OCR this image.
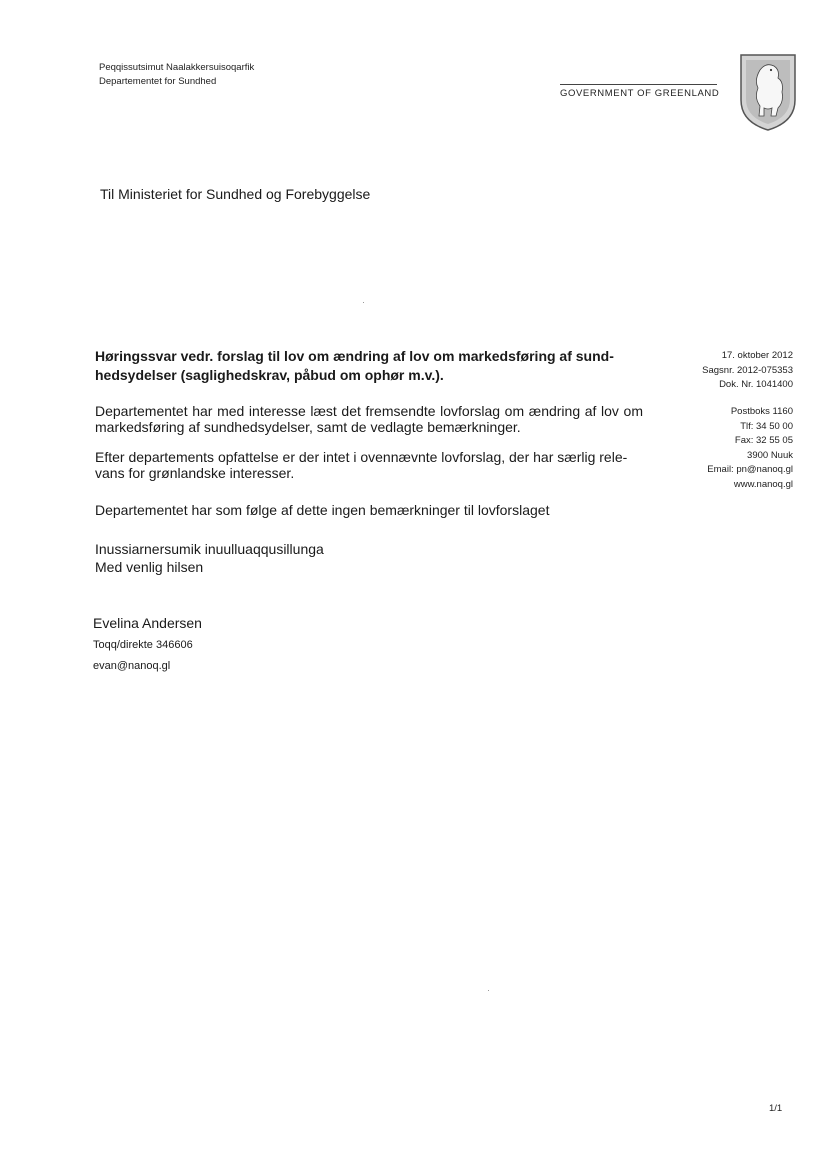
Peqqissutsimut Naalakkersuisoqarfik
Departementet for Sundhed
GOVERNMENT OF GREENLAND
Til Ministeriet for Sundhed og Forebyggelse
Høringssvar vedr. forslag til lov om ændring af lov om markedsføring af sund-
hedsydelser (saglighedskrav, påbud om ophør m.v.).
Departementet har med interesse læst det fremsendte lovforslag om ændring af lov om markedsføring af sundhedsydelser, samt de vedlagte bemærkninger.
Efter departements opfattelse er der intet i ovennævnte lovforslag, der har særlig rele-
vans for grønlandske interesser.
Departementet har som følge af dette ingen bemærkninger til lovforslaget
Inussiarnersumik inuulluaqqusillunga
Med venlig hilsen
Evelina Andersen
Toqq/direkte 346606
evan@nanoq.gl
17. oktober 2012
Sagsnr. 2012-075353
Dok. Nr. 1041400
Postboks 1160
Tlf: 34 50 00
Fax: 32 55 05
3900 Nuuk
Email: pn@nanoq.gl
www.nanoq.gl
1/1
